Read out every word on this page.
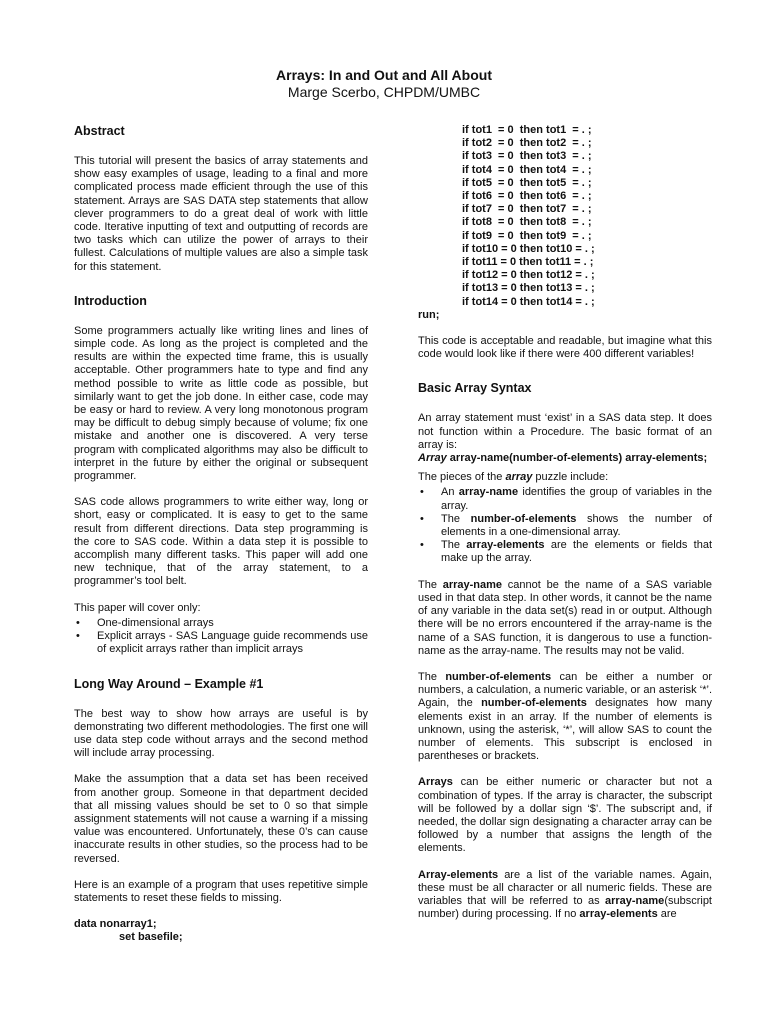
Arrays: In and Out and All About
Marge Scerbo, CHPDM/UMBC
Abstract

This tutorial will present the basics of array statements and show easy examples of usage, leading to a final and more complicated process made efficient through the use of this statement. Arrays are SAS DATA step statements that allow clever programmers to do a great deal of work with little code. Iterative inputting of text and outputting of records are two tasks which can utilize the power of arrays to their fullest. Calculations of multiple values are also a simple task for this statement.

Introduction

Some programmers actually like writing lines and lines of simple code. As long as the project is completed and the results are within the expected time frame, this is usually acceptable. Other programmers hate to type and find any method possible to write as little code as possible, but similarly want to get the job done. In either case, code may be easy or hard to review. A very long monotonous program may be difficult to debug simply because of volume; fix one mistake and another one is discovered. A very terse program with complicated algorithms may also be difficult to interpret in the future by either the original or subsequent programmer.

SAS code allows programmers to write either way, long or short, easy or complicated. It is easy to get to the same result from different directions. Data step programming is the core to SAS code. Within a data step it is possible to accomplish many different tasks. This paper will add one new technique, that of the array statement, to a programmer’s tool belt.

This paper will cover only:

• One-dimensional arrays
• Explicit arrays - SAS Language guide recommends use of explicit arrays rather than implicit arrays
Long Way Around – Example #1

The best way to show how arrays are useful is by demonstrating two different methodologies. The first one will use data step code without arrays and the second method will include array processing.

Make the assumption that a data set has been received from another group. Someone in that department decided that all missing values should be set to 0 so that simple assignment statements will not cause a warning if a missing value was encountered. Unfortunately, these 0’s can cause inaccurate results in other studies, so the process had to be reversed.

Here is an example of a program that uses repetitive simple statements to reset these fields to missing.

data nonarray1;
set basefile;
if tot1  = 0  then tot1  = . ;
if tot2  = 0  then tot2  = . ;
if tot3  = 0  then tot3  = . ;
if tot4  = 0  then tot4  = . ;
if tot5  = 0  then tot5  = . ;
if tot6  = 0  then tot6  = . ;
if tot7  = 0  then tot7  = . ;
if tot8  = 0  then tot8  = . ;
if tot9  = 0  then tot9  = . ;
if tot10 = 0 then tot10 = . ;
if tot11 = 0 then tot11 = . ;
if tot12 = 0 then tot12 = . ;
if tot13 = 0 then tot13 = . ;
if tot14 = 0 then tot14 = . ;
run;

This code is acceptable and readable, but imagine what this code would look like if there were 400 different variables!

Basic Array Syntax

An array statement must ‘exist’ in a SAS data step. It does not function within a Procedure. The basic format of an array is:
Array array-name(number-of-elements) array-elements;

The pieces of the array puzzle include:

• An array-name identifies the group of variables in the array.
• The number-of-elements shows the number of elements in a one-dimensional array.
• The array-elements are the elements or fields that make up the array.

The array-name cannot be the name of a SAS variable used in that data step. In other words, it cannot be the name of any variable in the data set(s) read in or output. Although there will be no errors encountered if the array-name is the name of a SAS function, it is dangerous to use a function-name as the array-name. The results may not be valid.

The number-of-elements can be either a number or numbers, a calculation, a numeric variable, or an asterisk ‘*’. Again, the number-of-elements designates how many elements exist in an array. If the number of elements is unknown, using the asterisk, ‘*’, will allow SAS to count the number of elements. This subscript is enclosed in parentheses or brackets.

Arrays can be either numeric or character but not a combination of types. If the array is character, the subscript will be followed by a dollar sign ‘$’. The subscript and, if needed, the dollar sign designating a character array can be followed by a number that assigns the length of the elements.

Array-elements are a list of the variable names. Again, these must be all character or all numeric fields. These are variables that will be referred to as array-name(subscript number) during processing. If no array-elements are
